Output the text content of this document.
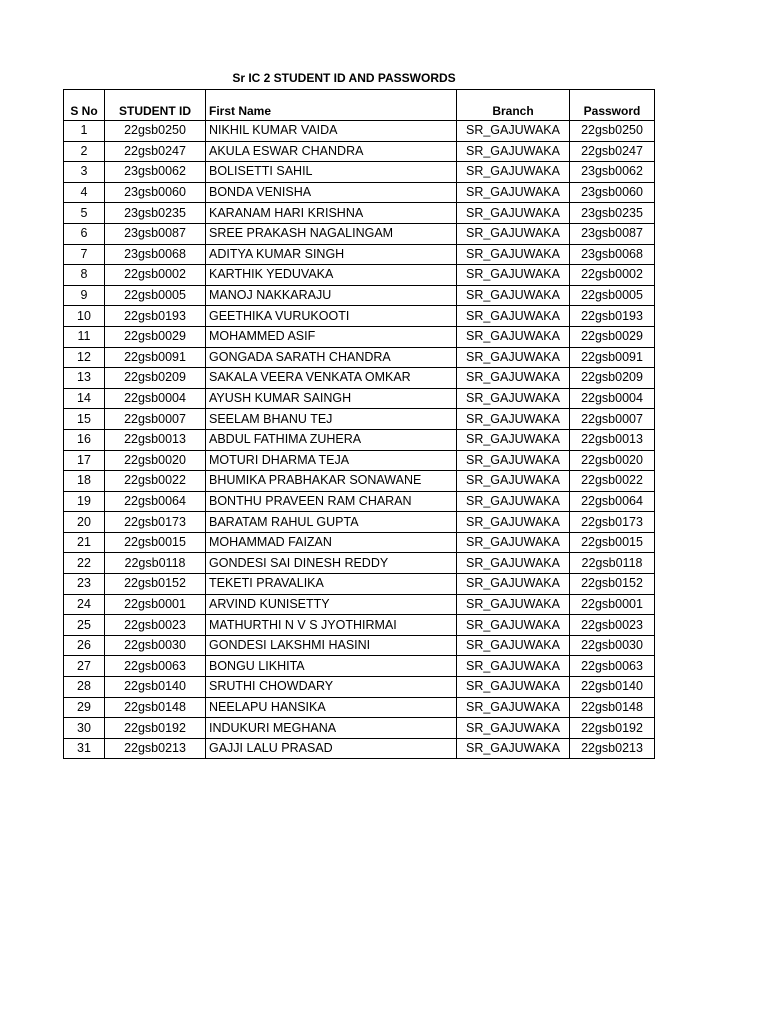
Sr IC 2 STUDENT ID AND PASSWORDS
S No	STUDENT ID	First Name	Branch	Password
1	22gsb0250	NIKHIL KUMAR VAIDA	SR_GAJUWAKA	22gsb0250
2	22gsb0247	AKULA ESWAR CHANDRA	SR_GAJUWAKA	22gsb0247
3	23gsb0062	BOLISETTI SAHIL	SR_GAJUWAKA	23gsb0062
4	23gsb0060	BONDA VENISHA	SR_GAJUWAKA	23gsb0060
5	23gsb0235	KARANAM HARI KRISHNA	SR_GAJUWAKA	23gsb0235
6	23gsb0087	SREE PRAKASH NAGALINGAM	SR_GAJUWAKA	23gsb0087
7	23gsb0068	ADITYA KUMAR SINGH	SR_GAJUWAKA	23gsb0068
8	22gsb0002	KARTHIK YEDUVAKA	SR_GAJUWAKA	22gsb0002
9	22gsb0005	MANOJ NAKKARAJU	SR_GAJUWAKA	22gsb0005
10	22gsb0193	GEETHIKA VURUKOOTI	SR_GAJUWAKA	22gsb0193
11	22gsb0029	MOHAMMED ASIF	SR_GAJUWAKA	22gsb0029
12	22gsb0091	GONGADA SARATH CHANDRA	SR_GAJUWAKA	22gsb0091
13	22gsb0209	SAKALA VEERA VENKATA OMKAR	SR_GAJUWAKA	22gsb0209
14	22gsb0004	AYUSH KUMAR SAINGH	SR_GAJUWAKA	22gsb0004
15	22gsb0007	SEELAM BHANU TEJ	SR_GAJUWAKA	22gsb0007
16	22gsb0013	ABDUL FATHIMA ZUHERA	SR_GAJUWAKA	22gsb0013
17	22gsb0020	MOTURI DHARMA TEJA	SR_GAJUWAKA	22gsb0020
18	22gsb0022	BHUMIKA PRABHAKAR SONAWANE	SR_GAJUWAKA	22gsb0022
19	22gsb0064	BONTHU PRAVEEN RAM CHARAN	SR_GAJUWAKA	22gsb0064
20	22gsb0173	BARATAM RAHUL GUPTA	SR_GAJUWAKA	22gsb0173
21	22gsb0015	MOHAMMAD FAIZAN	SR_GAJUWAKA	22gsb0015
22	22gsb0118	GONDESI SAI DINESH REDDY	SR_GAJUWAKA	22gsb0118
23	22gsb0152	TEKETI PRAVALIKA	SR_GAJUWAKA	22gsb0152
24	22gsb0001	ARVIND KUNISETTY	SR_GAJUWAKA	22gsb0001
25	22gsb0023	MATHURTHI N V S JYOTHIRMAI	SR_GAJUWAKA	22gsb0023
26	22gsb0030	GONDESI LAKSHMI HASINI	SR_GAJUWAKA	22gsb0030
27	22gsb0063	BONGU LIKHITA	SR_GAJUWAKA	22gsb0063
28	22gsb0140	SRUTHI CHOWDARY	SR_GAJUWAKA	22gsb0140
29	22gsb0148	NEELAPU HANSIKA	SR_GAJUWAKA	22gsb0148
30	22gsb0192	INDUKURI MEGHANA	SR_GAJUWAKA	22gsb0192
31	22gsb0213	GAJJI LALU PRASAD	SR_GAJUWAKA	22gsb0213
